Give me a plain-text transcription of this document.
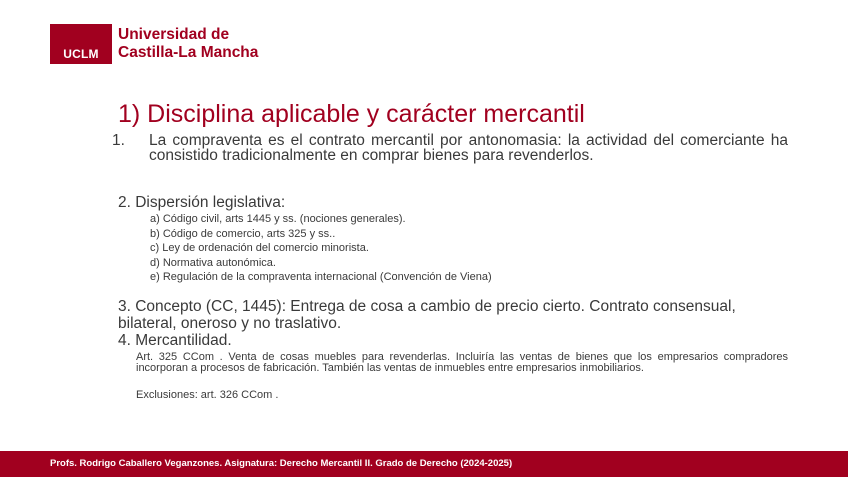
UCLM
Universidad de
Castilla-La Mancha
1) Disciplina aplicable y carácter mercantil
1. La compraventa es el contrato mercantil por antonomasia: la actividad del comerciante ha consistido tradicionalmente en comprar bienes para revenderlos.
2. Dispersión legislativa:
a) Código civil, arts 1445 y ss. (nociones generales).
b) Código de comercio, arts 325 y ss..
c) Ley de ordenación del comercio minorista.
d) Normativa autonómica.
e) Regulación de la compraventa internacional (Convención de Viena)
3. Concepto (CC, 1445): Entrega de cosa a cambio de precio cierto. Contrato consensual, bilateral, oneroso y no traslativo.
4. Mercantilidad.
Art. 325 CCom . Venta de cosas muebles para revenderlas. Incluiría las ventas de bienes que los empresarios compradores incorporan a procesos de fabricación. También las ventas de inmuebles entre empresarios inmobiliarios.
Exclusiones: art. 326 CCom .
Profs. Rodrigo Caballero Veganzones. Asignatura: Derecho Mercantil II. Grado de Derecho (2024-2025)
